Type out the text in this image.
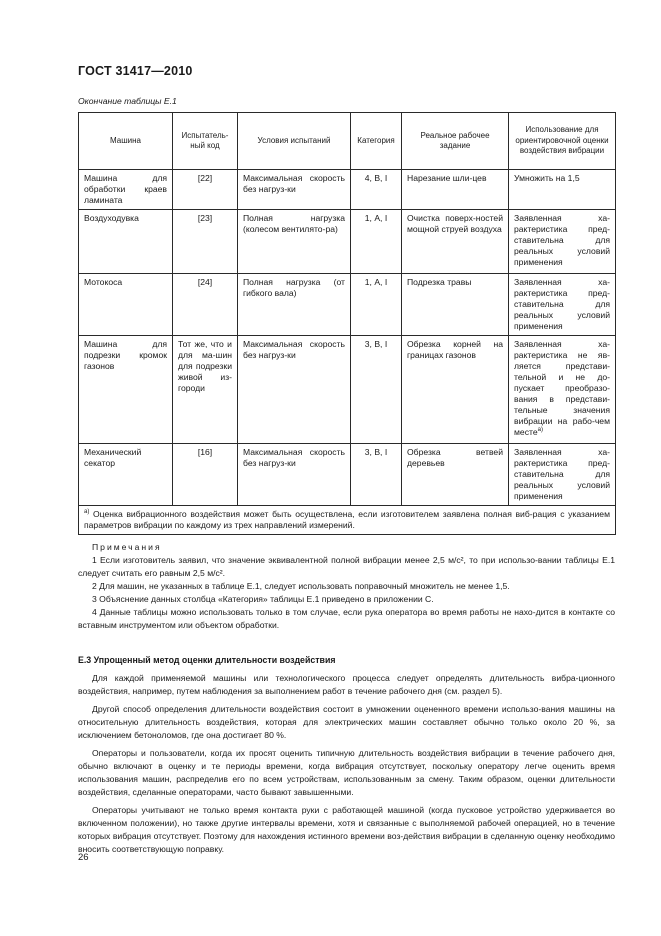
ГОСТ 31417—2010
Окончание таблицы Е.1
Машина	Испытатель-ный код	Условия испытаний	Категория	Реальное рабочее задание	Использование для ориентировочной оценки воздействия вибрации
Машина для обработки краев ламината	[22]	Максимальная скорость без нагруз-ки	4, В, I	Нарезание шли-цев	Умножить на 1,5
Воздуходувка	[23]	Полная нагрузка (колесом вентилято-ра)	1, А, I	Очистка поверх-ностей мощной струей воздуха	Заявленная ха-рактеристика пред-ставительна для реальных условий применения
Мотокоса	[24]	Полная нагрузка (от гибкого вала)	1, А, I	Подрезка травы	Заявленная ха-рактеристика пред-ставительна для реальных условий применения
Машина для подрезки кромок газонов	Тот же, что и для ма-шин для подрезки живой из-городи	Максимальная скорость без нагруз-ки	3, В, I	Обрезка корней на границах газонов	Заявленная ха-рактеристика не яв-ляется представи-тельной и не до-пускает преобразо-вания в представи-тельные значения вибрации на рабо-чем месте$^{а)}$
Механический секатор	[16]	Максимальная скорость без нагруз-ки	3, В, I	Обрезка ветвей деревьев	Заявленная ха-рактеристика пред-ставительна для реальных условий применения
$^{а)}$ Оценка вибрационного воздействия может быть осуществлена, если изготовителем заявлена полная виб-рация с указанием параметров вибрации по каждому из трех направлений измерений.					
Примечания

1 Если изготовитель заявил, что значение эквивалентной полной вибрации менее 2,5 м/с², то при использо-вании таблицы Е.1 следует считать его равным 2,5 м/с².

2 Для машин, не указанных в таблице Е.1, следует использовать поправочный множитель не менее 1,5.

3 Объяснение данных столбца «Категория» таблицы Е.1 приведено в приложении С.

4 Данные таблицы можно использовать только в том случае, если рука оператора во время работы не нахо-дится в контакте со вставным инструментом или объектом обработки.

Е.3 Упрощенный метод оценки длительности воздействия

Для каждой применяемой машины или технологического процесса следует определять длительность вибра-ционного воздействия, например, путем наблюдения за выполнением работ в течение рабочего дня (см. раздел 5).

Другой способ определения длительности воздействия состоит в умножении оцененного времени использо-вания машины на относительную длительность воздействия, которая для электрических машин составляет обычно только около 20 %, за исключением бетоноломов, где она достигает 80 %.

Операторы и пользователи, когда их просят оценить типичную длительность воздействия вибрации в течение рабочего дня, обычно включают в оценку и те периоды времени, когда вибрация отсутствует, поскольку оператору легче оценить время использования машин, распределив его по всем устройствам, использованным за смену. Таким образом, оценки длительности воздействия, сделанные операторами, часто бывают завышенными.

Операторы учитывают не только время контакта руки с работающей машиной (когда пусковое устройство удерживается во включенном положении), но также другие интервалы времени, хотя и связанные с выполняемой рабочей операцией, но в течение которых вибрация отсутствует. Поэтому для нахождения истинного времени воз-действия вибрации в сделанную оценку необходимо вносить соответствующую поправку.

26
